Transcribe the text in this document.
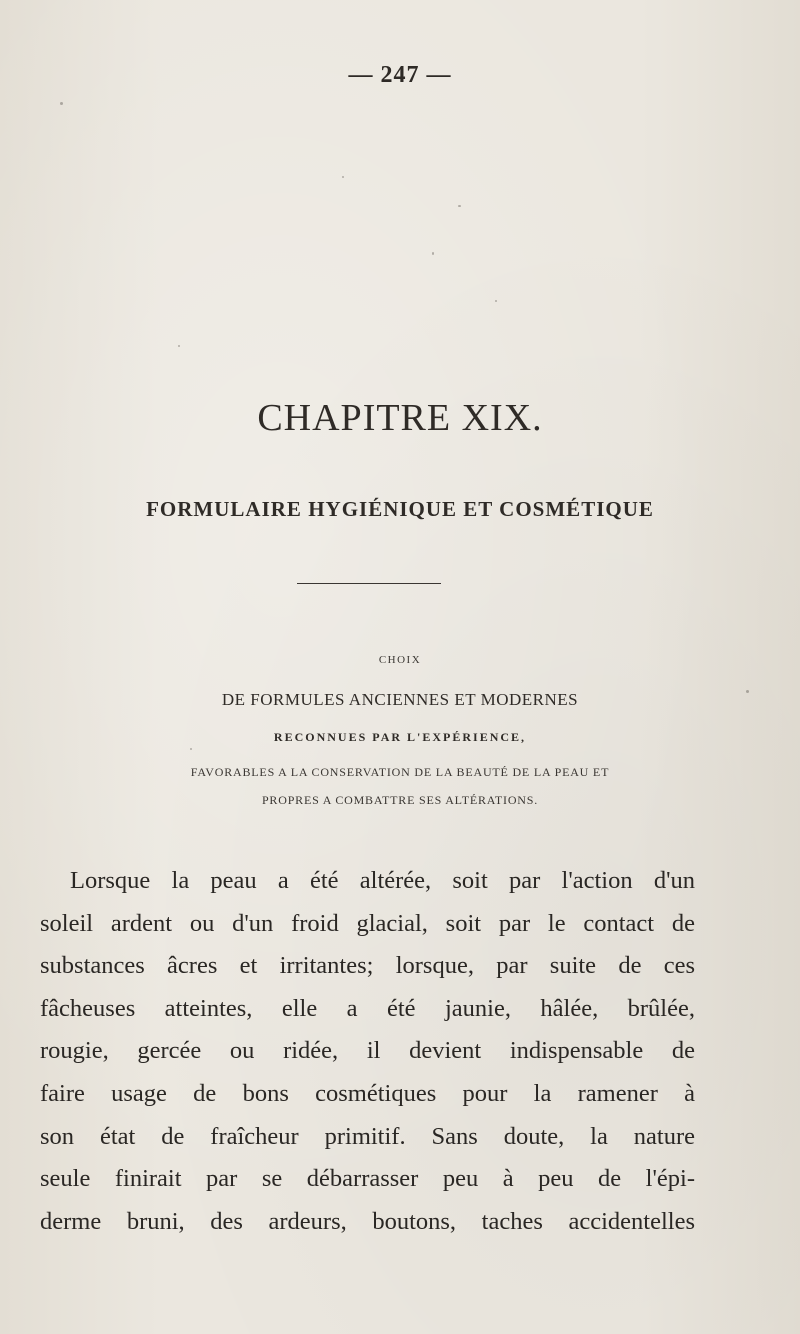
— 247 —
CHAPITRE XIX.
FORMULAIRE HYGIÉNIQUE ET COSMÉTIQUE
CHOIX
DE FORMULES ANCIENNES ET MODERNES
RECONNUES PAR L'EXPÉRIENCE,
FAVORABLES A LA CONSERVATION DE LA BEAUTÉ DE LA PEAU ET
PROPRES A COMBATTRE SES ALTÉRATIONS.
Lorsque la peau a été altérée, soit par l'action d'un
soleil ardent ou d'un froid glacial, soit par le contact de
substances âcres et irritantes; lorsque, par suite de ces
fâcheuses atteintes, elle a été jaunie, hâlée, brûlée,
rougie, gercée ou ridée, il devient indispensable de
faire usage de bons cosmétiques pour la ramener à
son état de fraîcheur primitif. Sans doute, la nature
seule finirait par se débarrasser peu à peu de l'épi-
derme bruni, des ardeurs, boutons, taches accidentelles
